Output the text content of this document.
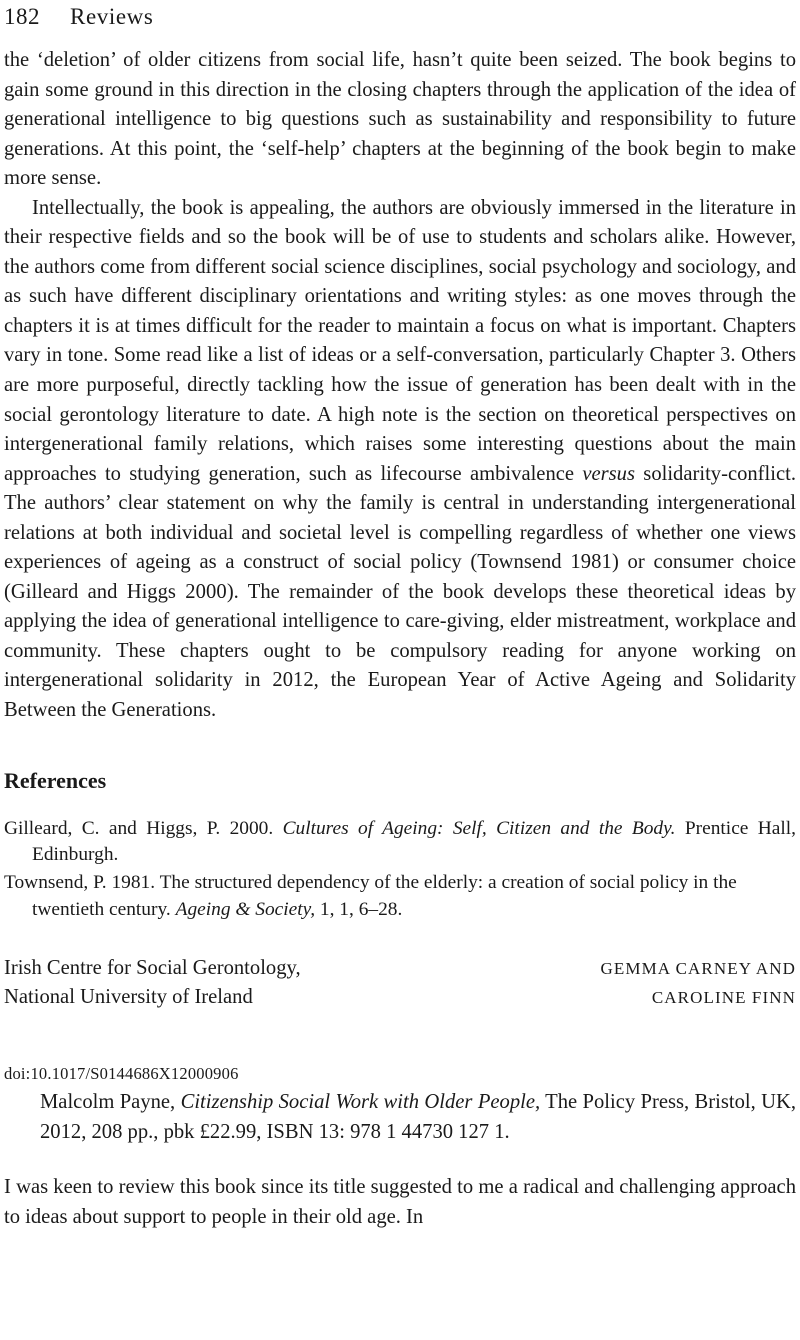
182 Reviews

the ‘deletion’ of older citizens from social life, hasn’t quite been seized. The book begins to gain some ground in this direction in the closing chapters through the application of the idea of generational intelligence to big questions such as sustainability and responsibility to future generations. At this point, the ‘self-help’ chapters at the beginning of the book begin to make more sense.

Intellectually, the book is appealing, the authors are obviously immersed in the literature in their respective fields and so the book will be of use to students and scholars alike. However, the authors come from different social science disciplines, social psychology and sociology, and as such have different disciplinary orientations and writing styles: as one moves through the chapters it is at times difficult for the reader to maintain a focus on what is important. Chapters vary in tone. Some read like a list of ideas or a self-conversation, particularly Chapter 3. Others are more purposeful, directly tackling how the issue of generation has been dealt with in the social gerontology literature to date. A high note is the section on theoretical perspectives on intergenerational family relations, which raises some interesting questions about the main approaches to studying generation, such as lifecourse ambivalence versus solidarity-conflict. The authors’ clear statement on why the family is central in understanding intergenerational relations at both individual and societal level is compelling regardless of whether one views experiences of ageing as a construct of social policy (Townsend 1981) or consumer choice (Gilleard and Higgs 2000). The remainder of the book develops these theoretical ideas by applying the idea of generational intelligence to care-giving, elder mistreatment, workplace and community. These chapters ought to be compulsory reading for anyone working on intergenerational solidarity in 2012, the European Year of Active Ageing and Solidarity Between the Generations.

References
Gilleard, C. and Higgs, P. 2000. Cultures of Ageing: Self, Citizen and the Body. Prentice Hall, Edinburgh.
Townsend, P. 1981. The structured dependency of the elderly: a creation of social policy in the twentieth century. Ageing & Society, 1, 1, 6–28.
Irish Centre for Social Gerontology,
National University of Ireland
GEMMA CARNEY AND
CAROLINE FINN
doi:10.1017/S0144686X12000906
Malcolm Payne, Citizenship Social Work with Older People, The Policy Press, Bristol, UK, 2012, 208 pp., pbk £22.99, ISBN 13: 978 1 44730 127 1.

I was keen to review this book since its title suggested to me a radical and challenging approach to ideas about support to people in their old age. In
